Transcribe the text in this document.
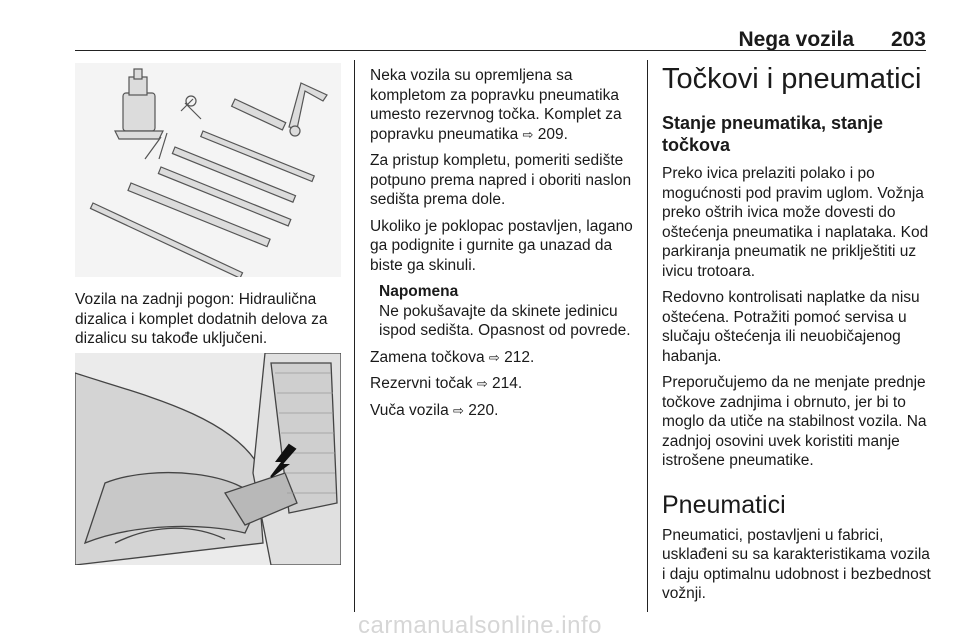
Nega vozila 203

Vozila na zadnji pogon: Hidraulična dizalica i komplet dodatnih delova za dizalicu su takođe uključeni.

Neka vozila su opremljena sa kompletom za popravku pneumatika umesto rezervnog točka. Komplet za popravku pneumatika ⇨ 209.

Za pristup kompletu, pomeriti sedište potpuno prema napred i oboriti naslon sedišta prema dole.

Ukoliko je poklopac postavljen, lagano ga podignite i gurnite ga unazad da biste ga skinuli.

Napomena
Ne pokušavajte da skinete jedinicu ispod sedišta. Opasnost od povrede.

Zamena točkova ⇨ 212.

Rezervni točak ⇨ 214.

Vuča vozila ⇨ 220.

Točkovi i pneumatici
Stanje pneumatika, stanje točkova

Preko ivica prelaziti polako i po mogućnosti pod pravim uglom. Vožnja preko oštrih ivica može dovesti do oštećenja pneumatika i naplataka. Kod parkiranja pneumatik ne priklještiti uz ivicu trotoara.

Redovno kontrolisati naplatke da nisu oštećena. Potražiti pomoć servisa u slučaju oštećenja ili neuobičajenog habanja.

Preporučujemo da ne menjate prednje točkove zadnjima i obrnuto, jer bi to moglo da utiče na stabilnost vozila. Na zadnjoj osovini uvek koristiti manje istrošene pneumatike.

Pneumatici

Pneumatici, postavljeni u fabrici, usklađeni su sa karakteristikama vozila i daju optimalnu udobnost i bezbednost vožnji.

carmanualsonline.info
